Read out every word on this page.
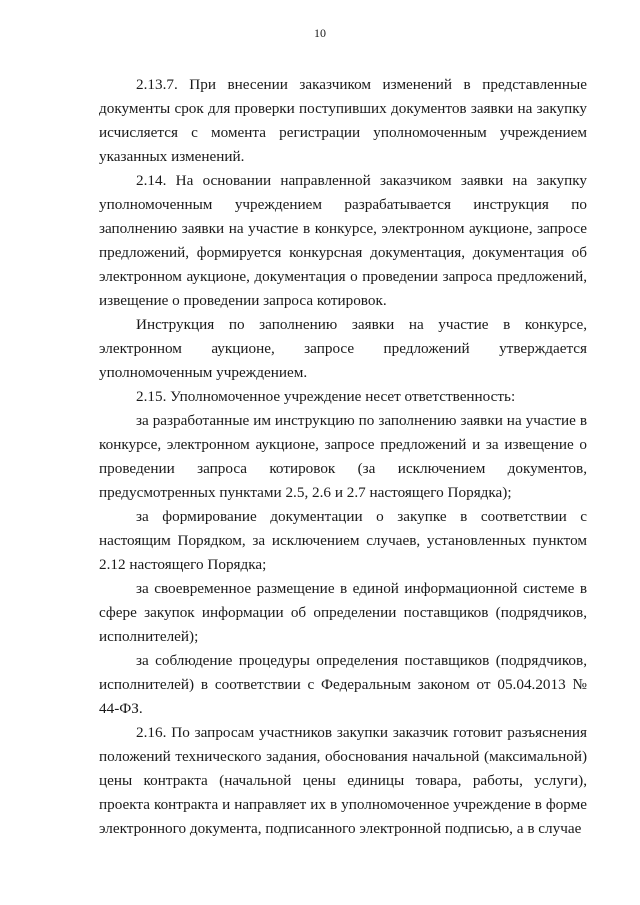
10

2.13.7. При внесении заказчиком изменений в представленные документы срок для проверки поступивших документов заявки на закупку исчисляется с момента регистрации уполномоченным учреждением указанных изменений.

2.14. На основании направленной заказчиком заявки на закупку уполномоченным учреждением разрабатывается инструкция по заполнению заявки на участие в конкурсе, электронном аукционе, запросе предложений, формируется конкурсная документация, документация об электронном аукционе, документация о проведении запроса предложений, извещение о проведении запроса котировок.

Инструкция по заполнению заявки на участие в конкурсе, электронном аукционе, запросе предложений утверждается уполномоченным учреждением.

2.15. Уполномоченное учреждение несет ответственность:

за разработанные им инструкцию по заполнению заявки на участие в конкурсе, электронном аукционе, запросе предложений и за извещение о проведении запроса котировок (за исключением документов, предусмотренных пунктами 2.5, 2.6 и 2.7 настоящего Порядка);

за формирование документации о закупке в соответствии с настоящим Порядком, за исключением случаев, установленных пунктом 2.12 настоящего Порядка;

за своевременное размещение в единой информационной системе в сфере закупок информации об определении поставщиков (подрядчиков, исполнителей);

за соблюдение процедуры определения поставщиков (подрядчиков, исполнителей) в соответствии с Федеральным законом от 05.04.2013 № 44-ФЗ.

2.16. По запросам участников закупки заказчик готовит разъяснения положений технического задания, обоснования начальной (максимальной) цены контракта (начальной цены единицы товара, работы, услуги), проекта контракта и направляет их в уполномоченное учреждение в форме электронного документа, подписанного электронной подписью, а в случае
